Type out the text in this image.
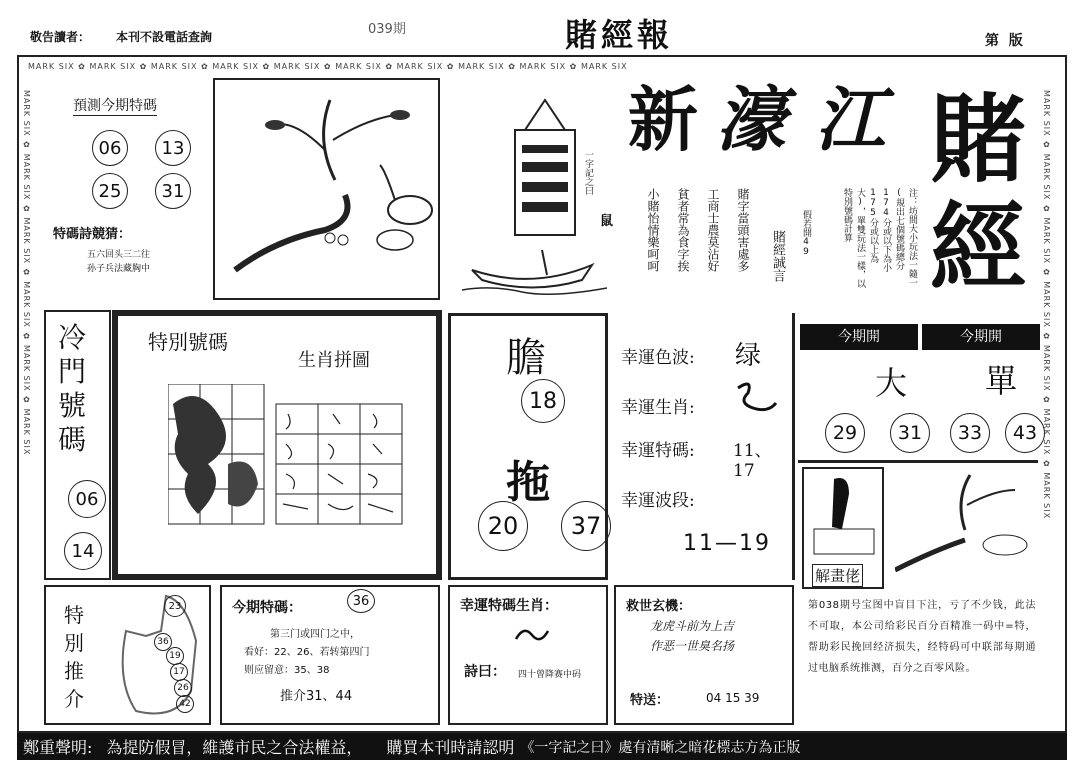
敬告讀者： 本刊不設電話查詢	039期	賭經報	第  版
MARK SIX ✿ MARK SIX ✿ MARK SIX ✿ MARK SIX ✿ MARK SIX ✿ MARK SIX ✿ MARK SIX ✿ MARK SIX ✿ MARK SIX ✿ MARK SIX
MARK SIX ✿ MARK SIX ✿ MARK SIX ✿ MARK SIX ✿ MARK SIX ✿ MARK SIX
MARK SIX ✿ MARK SIX ✿ MARK SIX ✿ MARK SIX ✿ MARK SIX ✿ MARK SIX ✿ MARK SIX
預測今期特碼
06	13
25	31
特碼詩競猜：
五六回头三二往
孙子兵法藏胸中
鼠
一字記之曰
新 濠 江 賭
經
賭字當頭害處多
工商士農莫沾好
貧者常為食字挨
小賭怡情樂呵呵	賭經誠言 假若開49	注：坊間大小玩法一隨一(規出七個號碼總分174分或以下為小175分或以上為大)，單雙玩法一樣，以特別號碼計算
冷
門
號
碼
06
14
特別號碼
生肖拼圖	膽
18
拖
20	37
幸運色波: 绿
幸運生肖:
幸運特碼: 11、17
幸運波段:
11—19
今期開	今期開
大 單
29	31	33	43
解畫佬
第038期号宝图中盲目下注，亏了不少钱，此法不可取，本公司给彩民百分百精准一码中=特，帮助彩民挽回经济损失，经特码可中联部每期通过电脑系统推测，百分之百零风险。
特
別
推
介
23
36
19
17
26
42
今期特碼：	36
第三门或四门之中，
看好：22、26、若转第四门
则应留意：35、38
推介31、44
幸運特碼生肖：
詩曰： 四十曾降赛中码
救世玄機：
龙虎斗前为上吉
作恶一世臭名扬
特送：	04 15 39
鄭重聲明: 為提防假冒，維護市民之合法權益， 購買本刊時請認明 《一字記之曰》處有清晰之暗花標志方為正版
